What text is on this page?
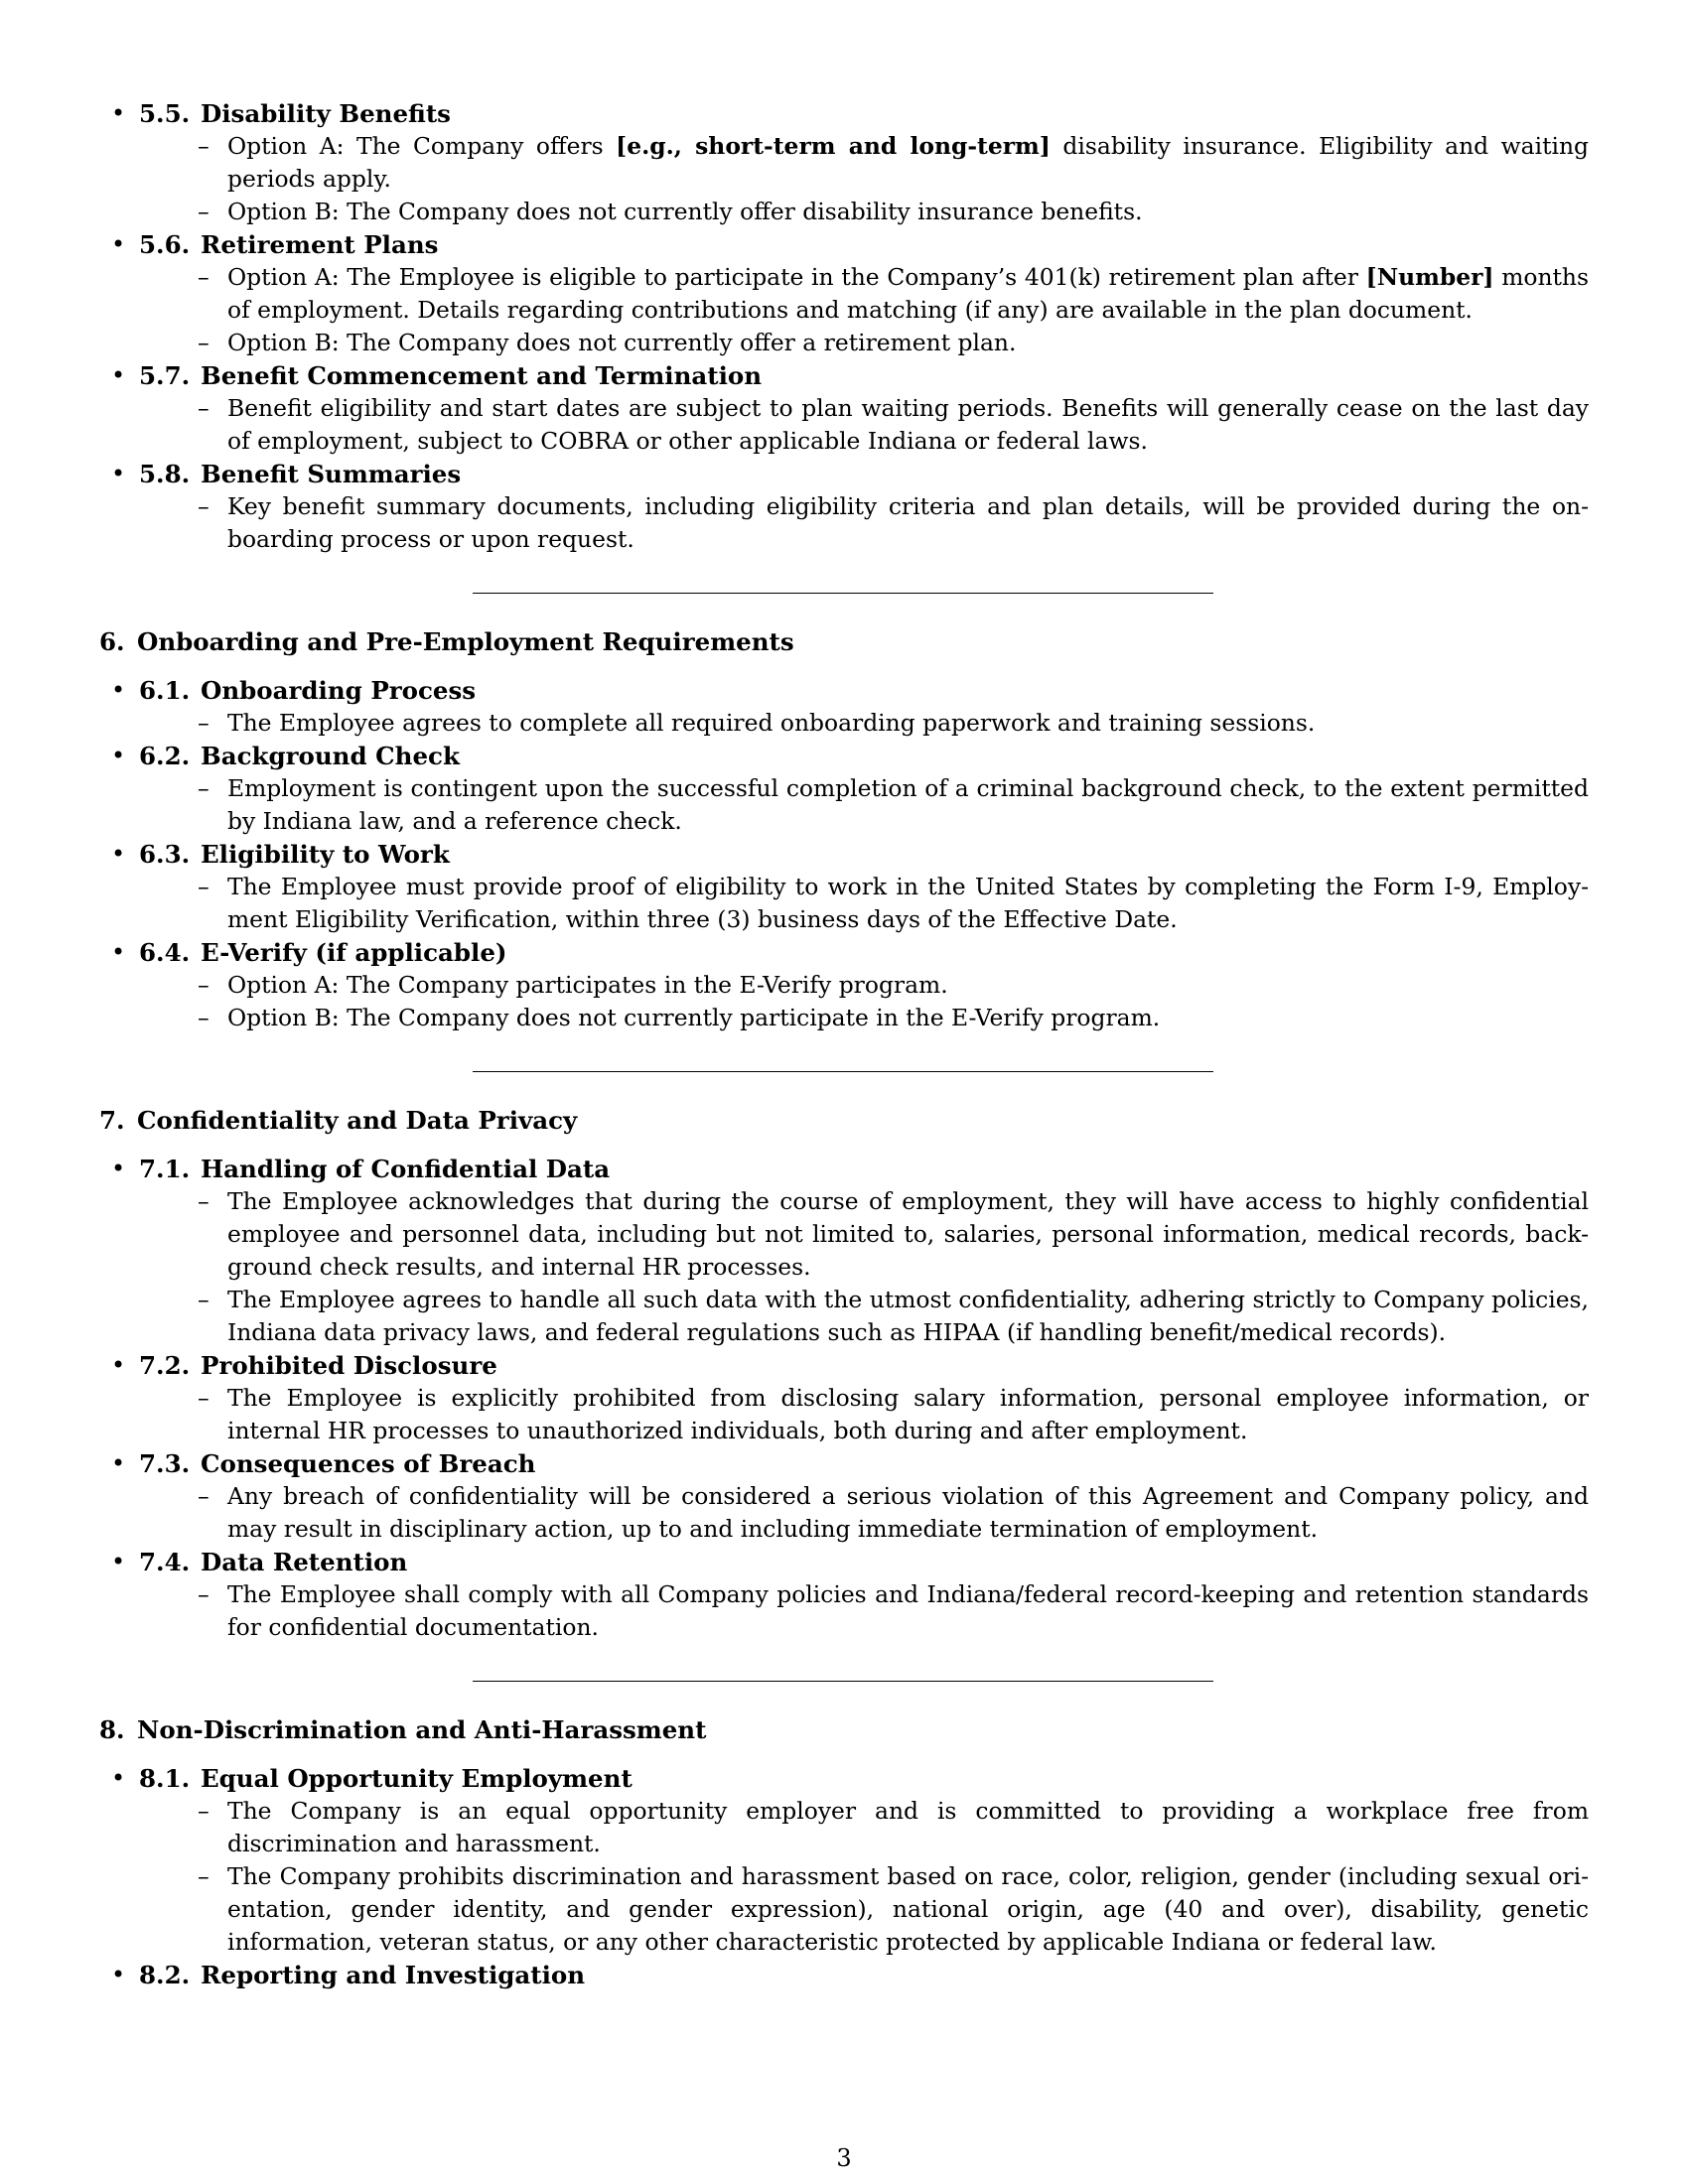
• 5.5. Disability Benefits
– Option A: The Company offers [e.g., short-term and long-term] disability insurance. Eligibility and waiting periods apply.
– Option B: The Company does not currently offer disability insurance benefits.
• 5.6. Retirement Plans
– Option A: The Employee is eligible to participate in the Company’s 401(k) retirement plan after [Number] months of employment. Details regarding contributions and matching (if any) are available in the plan document.
– Option B: The Company does not currently offer a retirement plan.
• 5.7. Benefit Commencement and Termination
– Benefit eligibility and start dates are subject to plan waiting periods. Benefits will generally cease on the last day of employment, subject to COBRA or other applicable Indiana or federal laws.
• 5.8. Benefit Summaries
– Key benefit summary documents, including eligibility criteria and plan details, will be provided during the on-boarding process or upon request.
6. Onboarding and Pre-Employment Requirements
• 6.1. Onboarding Process
– The Employee agrees to complete all required onboarding paperwork and training sessions.
• 6.2. Background Check
– Employment is contingent upon the successful completion of a criminal background check, to the extent permitted by Indiana law, and a reference check.
• 6.3. Eligibility to Work
– The Employee must provide proof of eligibility to work in the United States by completing the Form I-9, Employ-ment Eligibility Verification, within three (3) business days of the Effective Date.
• 6.4. E-Verify (if applicable)
– Option A: The Company participates in the E-Verify program.
– Option B: The Company does not currently participate in the E-Verify program.
7. Confidentiality and Data Privacy
• 7.1. Handling of Confidential Data
– The Employee acknowledges that during the course of employment, they will have access to highly confidential employee and personnel data, including but not limited to, salaries, personal information, medical records, back-ground check results, and internal HR processes.
– The Employee agrees to handle all such data with the utmost confidentiality, adhering strictly to Company policies, Indiana data privacy laws, and federal regulations such as HIPAA (if handling benefit/medical records).
• 7.2. Prohibited Disclosure
– The Employee is explicitly prohibited from disclosing salary information, personal employee information, or internal HR processes to unauthorized individuals, both during and after employment.
• 7.3. Consequences of Breach
– Any breach of confidentiality will be considered a serious violation of this Agreement and Company policy, and may result in disciplinary action, up to and including immediate termination of employment.
• 7.4. Data Retention
– The Employee shall comply with all Company policies and Indiana/federal record-keeping and retention standards for confidential documentation.
8. Non-Discrimination and Anti-Harassment
• 8.1. Equal Opportunity Employment
– The Company is an equal opportunity employer and is committed to providing a workplace free from discrimination and harassment.
– The Company prohibits discrimination and harassment based on race, color, religion, gender (including sexual ori-entation, gender identity, and gender expression), national origin, age (40 and over), disability, genetic information, veteran status, or any other characteristic protected by applicable Indiana or federal law.
• 8.2. Reporting and Investigation
3
